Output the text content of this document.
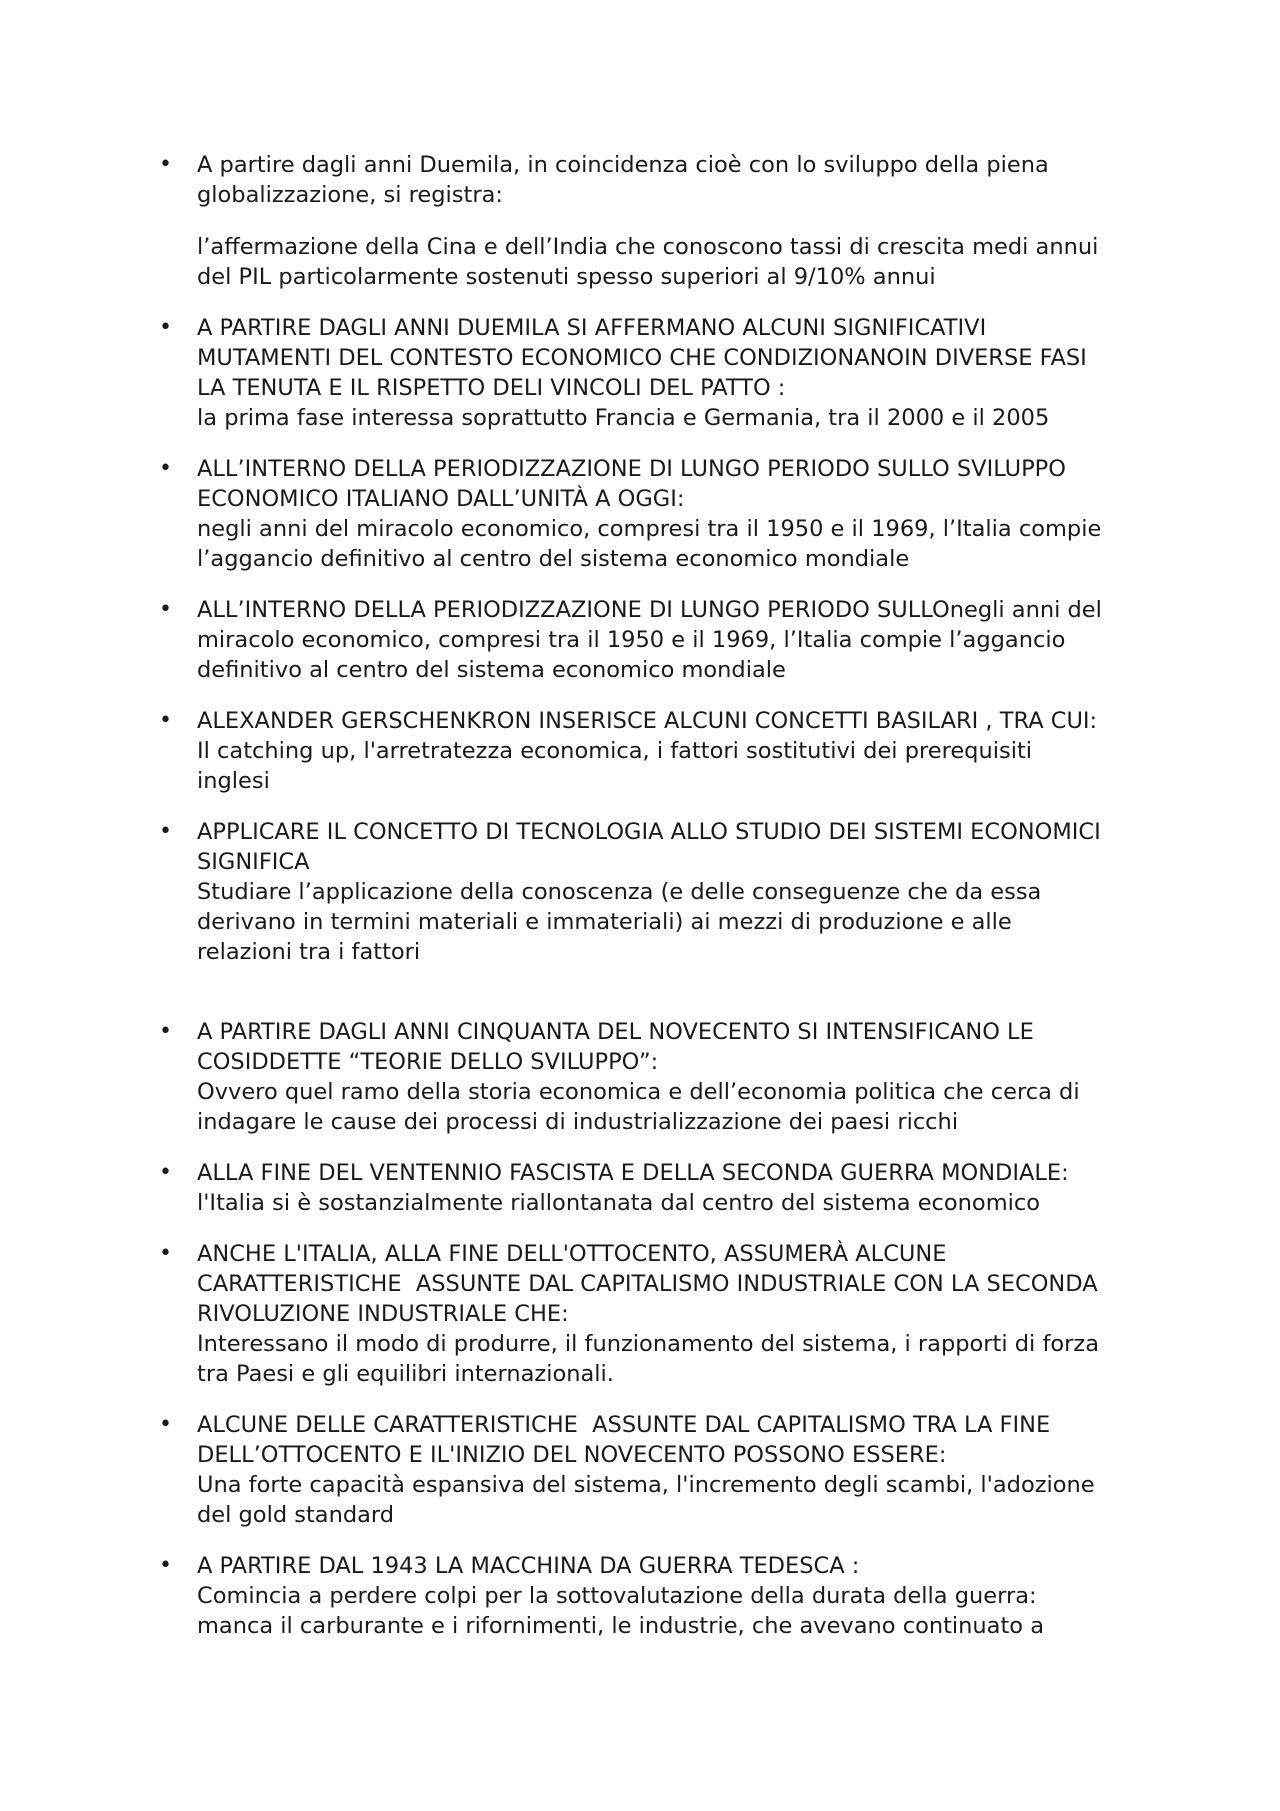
• A partire dagli anni Duemila, in coincidenza cioè con lo sviluppo della piena
globalizzazione, si registra:
l’affermazione della Cina e dell’India che conoscono tassi di crescita medi annui
del PIL particolarmente sostenuti spesso superiori al 9/10% annui
• A PARTIRE DAGLI ANNI DUEMILA SI AFFERMANO ALCUNI SIGNIFICATIVI
MUTAMENTI DEL CONTESTO ECONOMICO CHE CONDIZIONANOIN DIVERSE FASI
LA TENUTA E IL RISPETTO DELI VINCOLI DEL PATTO :
la prima fase interessa soprattutto Francia e Germania, tra il 2000 e il 2005
• ALL’INTERNO DELLA PERIODIZZAZIONE DI LUNGO PERIODO SULLO SVILUPPO
ECONOMICO ITALIANO DALL’UNITÀ A OGGI:
negli anni del miracolo economico, compresi tra il 1950 e il 1969, l’Italia compie
l’aggancio definitivo al centro del sistema economico mondiale
• ALL’INTERNO DELLA PERIODIZZAZIONE DI LUNGO PERIODO SULLOnegli anni del
miracolo economico, compresi tra il 1950 e il 1969, l’Italia compie l’aggancio
definitivo al centro del sistema economico mondiale
• ALEXANDER GERSCHENKRON INSERISCE ALCUNI CONCETTI BASILARI , TRA CUI:
Il catching up, l'arretratezza economica, i fattori sostitutivi dei prerequisiti
inglesi
• APPLICARE IL CONCETTO DI TECNOLOGIA ALLO STUDIO DEI SISTEMI ECONOMICI
SIGNIFICA
Studiare l’applicazione della conoscenza (e delle conseguenze che da essa
derivano in termini materiali e immateriali) ai mezzi di produzione e alle
relazioni tra i fattori
• A PARTIRE DAGLI ANNI CINQUANTA DEL NOVECENTO SI INTENSIFICANO LE
COSIDDETTE “TEORIE DELLO SVILUPPO”:
Ovvero quel ramo della storia economica e dell’economia politica che cerca di
indagare le cause dei processi di industrializzazione dei paesi ricchi
• ALLA FINE DEL VENTENNIO FASCISTA E DELLA SECONDA GUERRA MONDIALE:
l'Italia si è sostanzialmente riallontanata dal centro del sistema economico
• ANCHE L'ITALIA, ALLA FINE DELL'OTTOCENTO, ASSUMERÀ ALCUNE
CARATTERISTICHE  ASSUNTE DAL CAPITALISMO INDUSTRIALE CON LA SECONDA
RIVOLUZIONE INDUSTRIALE CHE:
Interessano il modo di produrre, il funzionamento del sistema, i rapporti di forza
tra Paesi e gli equilibri internazionali.
• ALCUNE DELLE CARATTERISTICHE  ASSUNTE DAL CAPITALISMO TRA LA FINE
DELL’OTTOCENTO E IL'INIZIO DEL NOVECENTO POSSONO ESSERE:
Una forte capacità espansiva del sistema, l'incremento degli scambi, l'adozione
del gold standard
• A PARTIRE DAL 1943 LA MACCHINA DA GUERRA TEDESCA :
Comincia a perdere colpi per la sottovalutazione della durata della guerra:
manca il carburante e i rifornimenti, le industrie, che avevano continuato a
